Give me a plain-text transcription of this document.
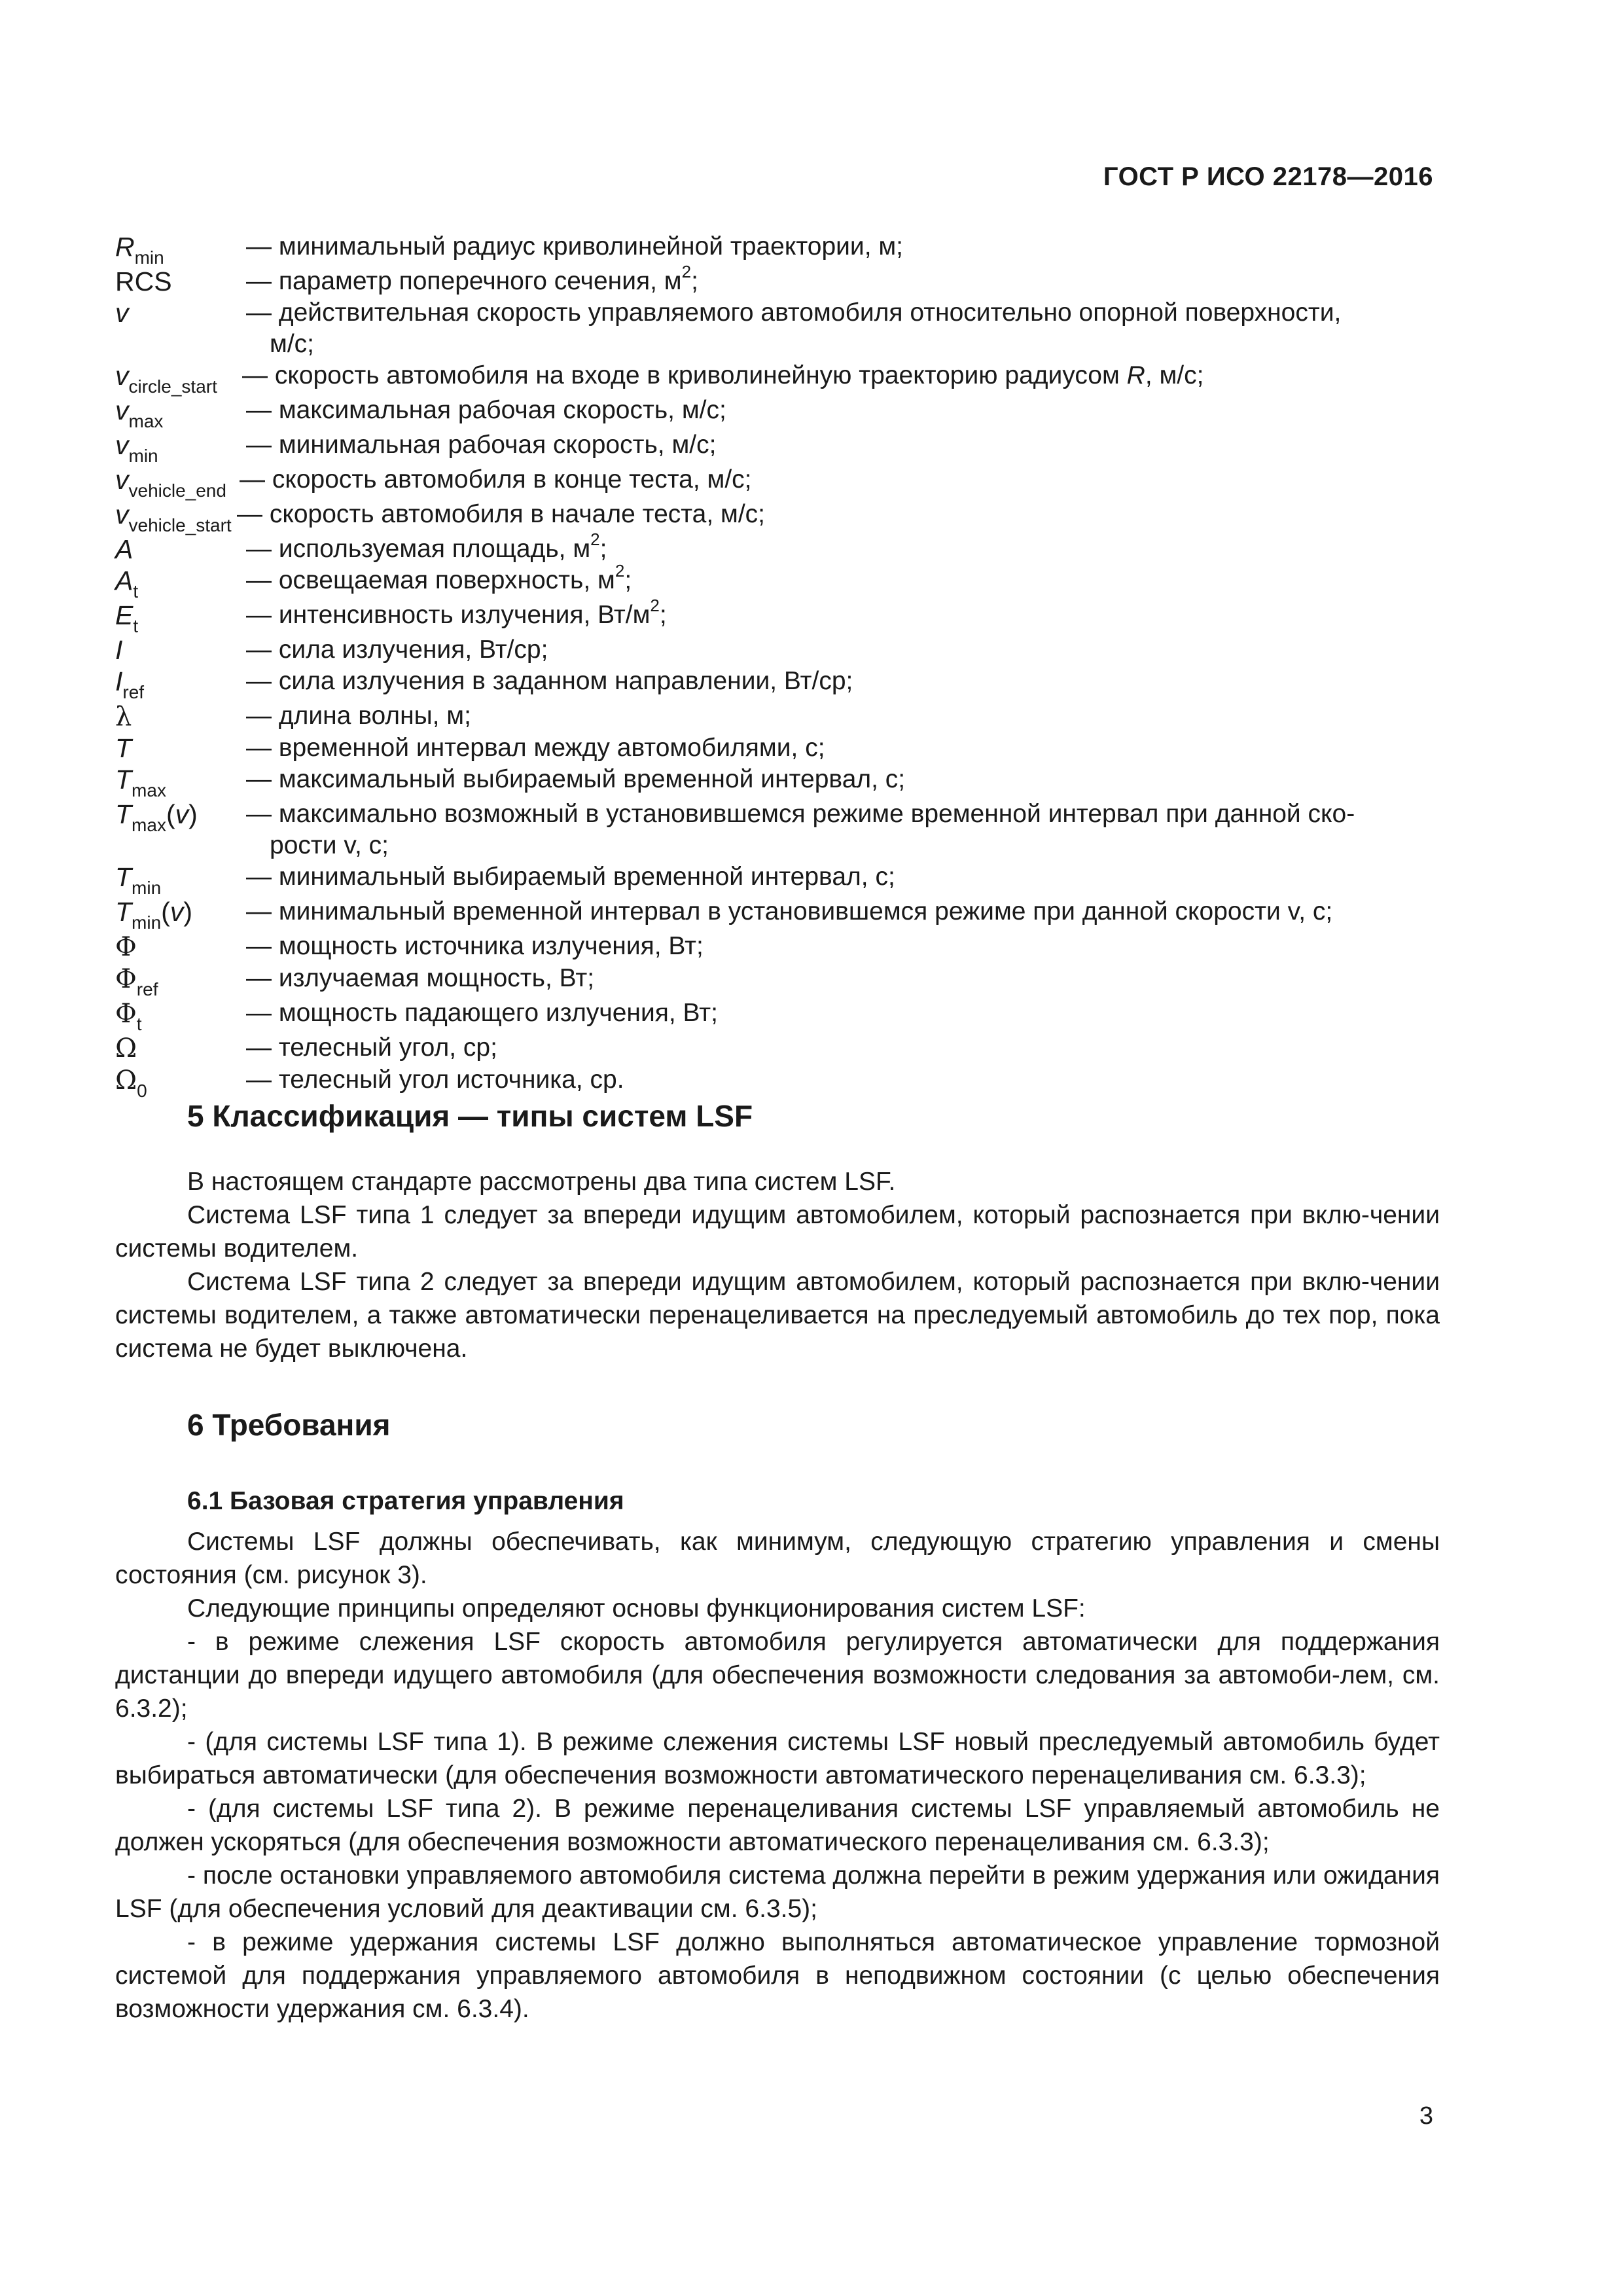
ГОСТ Р ИСО 22178—2016
$R_{min}$	— минимальный радиус криволинейной траектории, м;
RCS	— параметр поперечного сечения, $м^2$;
v	— действительная скорость управляемого автомобиля относительно опорной поверхности,
м/с;
$v_{circle\_start}$ — скорость автомобиля на входе в криволинейную траекторию радиусом R, м/с;
$v_{max}$	— максимальная рабочая скорость, м/с;
$v_{min}$	— минимальная рабочая скорость, м/с;
$v_{vehicle\_end}$ — скорость автомобиля в конце теста, м/с;
$v_{vehicle\_start}$ — скорость автомобиля в начале теста, м/с;
A	— используемая площадь, $м^2$;
$A_t$	— освещаемая поверхность, $м^2$;
$E_t$	— интенсивность излучения, $Вт/м^2$;
I	— сила излучения, Вт/ср;
$I_{ref}$	— сила излучения в заданном направлении, Вт/ср;
λ	— длина волны, м;
T	— временной интервал между автомобилями, с;
$T_{max}$	— максимальный выбираемый временной интервал, с;
$T_{max}(v)$	— максимально возможный в установившемся режиме временной интервал при данной ско-
рости v, с;
$T_{min}$	— минимальный выбираемый временной интервал, с;
$T_{min}(v)$	— минимальный временной интервал в установившемся режиме при данной скорости v, с;
Φ	— мощность источника излучения, Вт;
$\Phi_{ref}$	— излучаемая мощность, Вт;
$\Phi_t$	— мощность падающего излучения, Вт;
Ω	— телесный угол, ср;
$\Omega_0$	— телесный угол источника, ср.
5 Классификация — типы систем LSF

В настоящем стандарте рассмотрены два типа систем LSF.

Система LSF типа 1 следует за впереди идущим автомобилем, который распознается при вклю-чении системы водителем.

Система LSF типа 2 следует за впереди идущим автомобилем, который распознается при вклю-чении системы водителем, а также автоматически перенацеливается на преследуемый автомобиль до тех пор, пока система не будет выключена.

6 Требования
6.1 Базовая стратегия управления

Системы LSF должны обеспечивать, как минимум, следующую стратегию управления и смены состояния (см. рисунок 3).

Следующие принципы определяют основы функционирования систем LSF:

- в режиме слежения LSF скорость автомобиля регулируется автоматически для поддержания дистанции до впереди идущего автомобиля (для обеспечения возможности следования за автомоби-лем, см. 6.3.2);

- (для системы LSF типа 1). В режиме слежения системы LSF новый преследуемый автомобиль будет выбираться автоматически (для обеспечения возможности автоматического перенацеливания см. 6.3.3);

- (для системы LSF типа 2). В режиме перенацеливания системы LSF управляемый автомобиль не должен ускоряться (для обеспечения возможности автоматического перенацеливания см. 6.3.3);

- после остановки управляемого автомобиля система должна перейти в режим удержания или ожидания LSF (для обеспечения условий для деактивации см. 6.3.5);

- в режиме удержания системы LSF должно выполняться автоматическое управление тормозной системой для поддержания управляемого автомобиля в неподвижном состоянии (с целью обеспечения возможности удержания см. 6.3.4).

3
